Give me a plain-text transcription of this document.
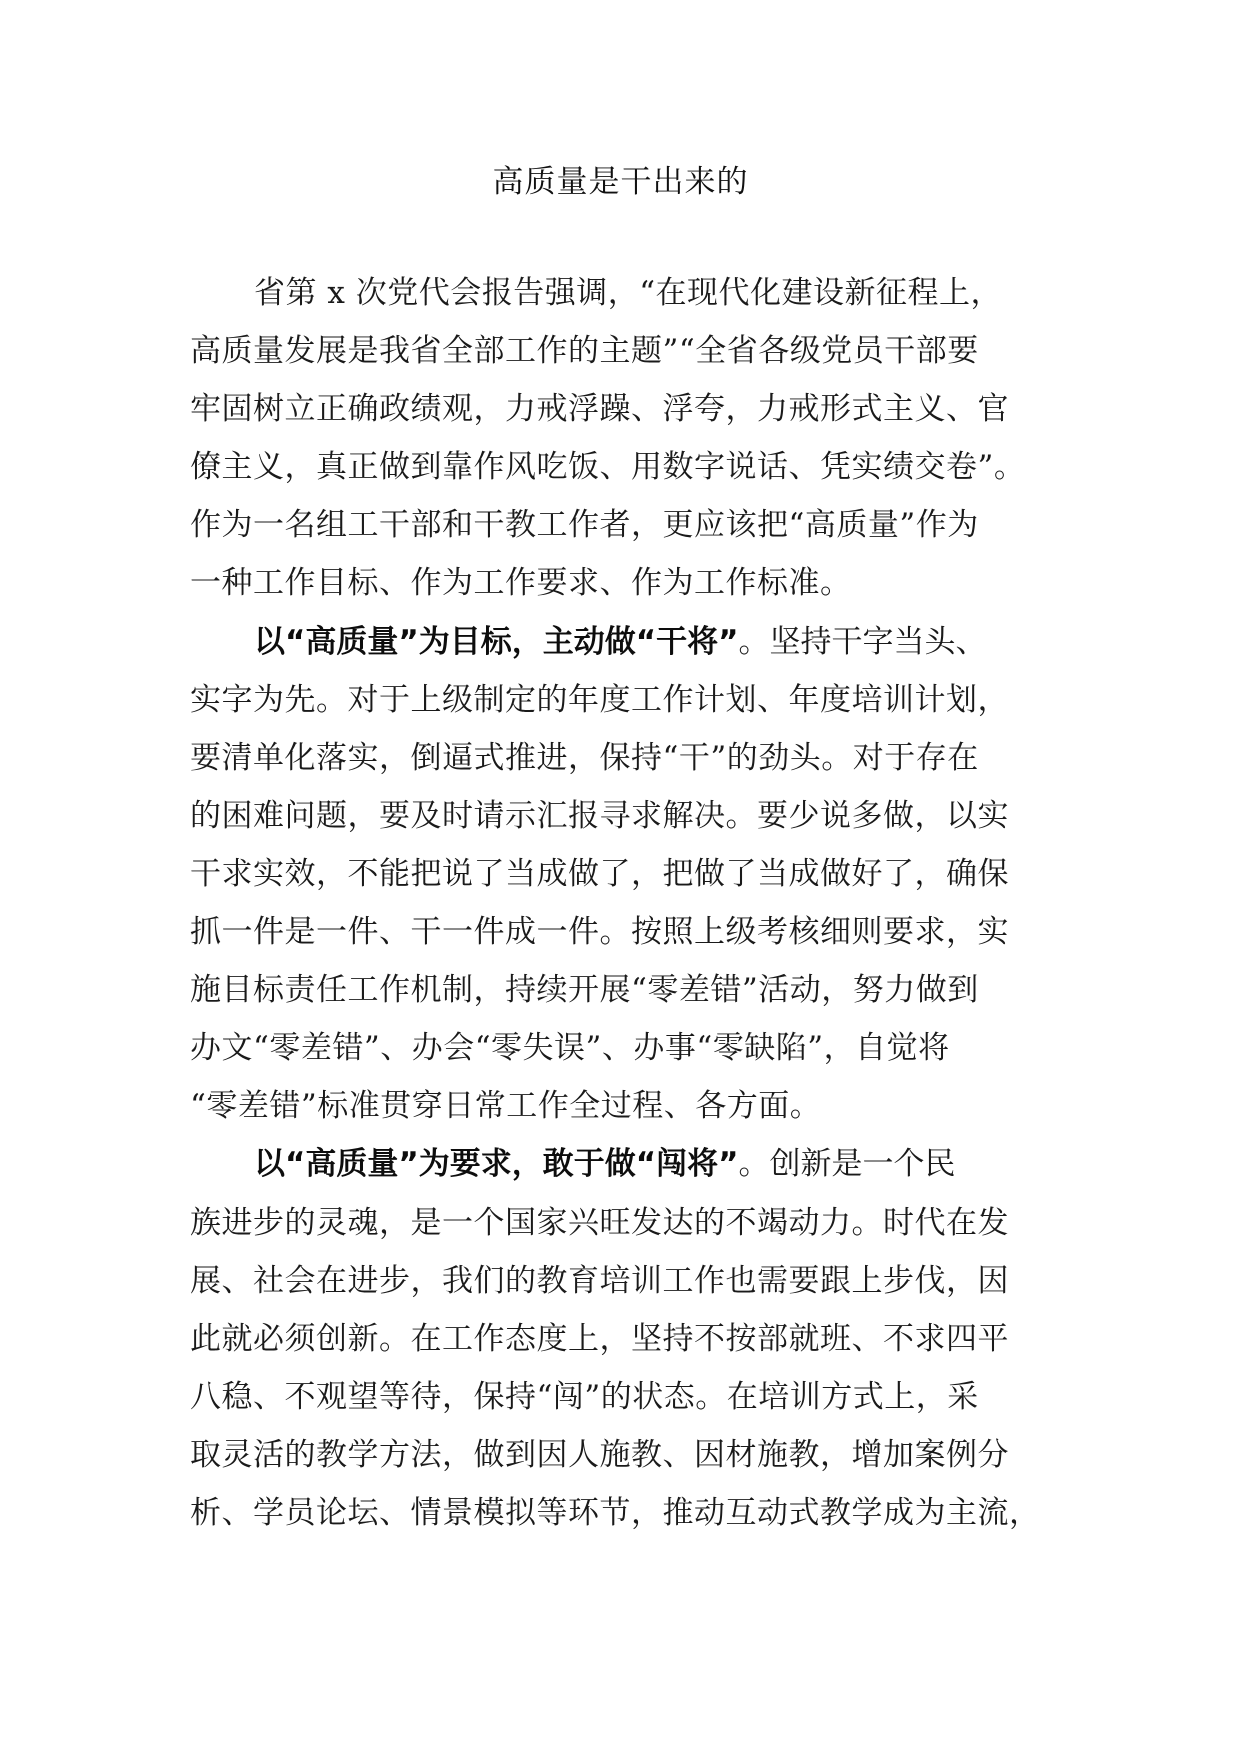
高质量是干出来的
省第 x 次党代会报告强调，“在现代化建设新征程上，
高质量发展是我省全部工作的主题”“全省各级党员干部要
牢固树立正确政绩观，力戒浮躁、浮夸，力戒形式主义、官
僚主义，真正做到靠作风吃饭、用数字说话、凭实绩交卷”。
作为一名组工干部和干教工作者，更应该把“高质量”作为
一种工作目标、作为工作要求、作为工作标准。
以“高质量”为目标，主动做“干将”。坚持干字当头、
实字为先。对于上级制定的年度工作计划、年度培训计划，
要清单化落实，倒逼式推进，保持“干”的劲头。对于存在
的困难问题，要及时请示汇报寻求解决。要少说多做，以实
干求实效，不能把说了当成做了，把做了当成做好了，确保
抓一件是一件、干一件成一件。按照上级考核细则要求，实
施目标责任工作机制，持续开展“零差错”活动，努力做到
办文“零差错”、办会“零失误”、办事“零缺陷”，自觉将
“零差错”标准贯穿日常工作全过程、各方面。
以“高质量”为要求，敢于做“闯将”。创新是一个民
族进步的灵魂，是一个国家兴旺发达的不竭动力。时代在发
展、社会在进步，我们的教育培训工作也需要跟上步伐，因
此就必须创新。在工作态度上，坚持不按部就班、不求四平
八稳、不观望等待，保持“闯”的状态。在培训方式上，采
取灵活的教学方法，做到因人施教、因材施教，增加案例分
析、学员论坛、情景模拟等环节，推动互动式教学成为主流，
